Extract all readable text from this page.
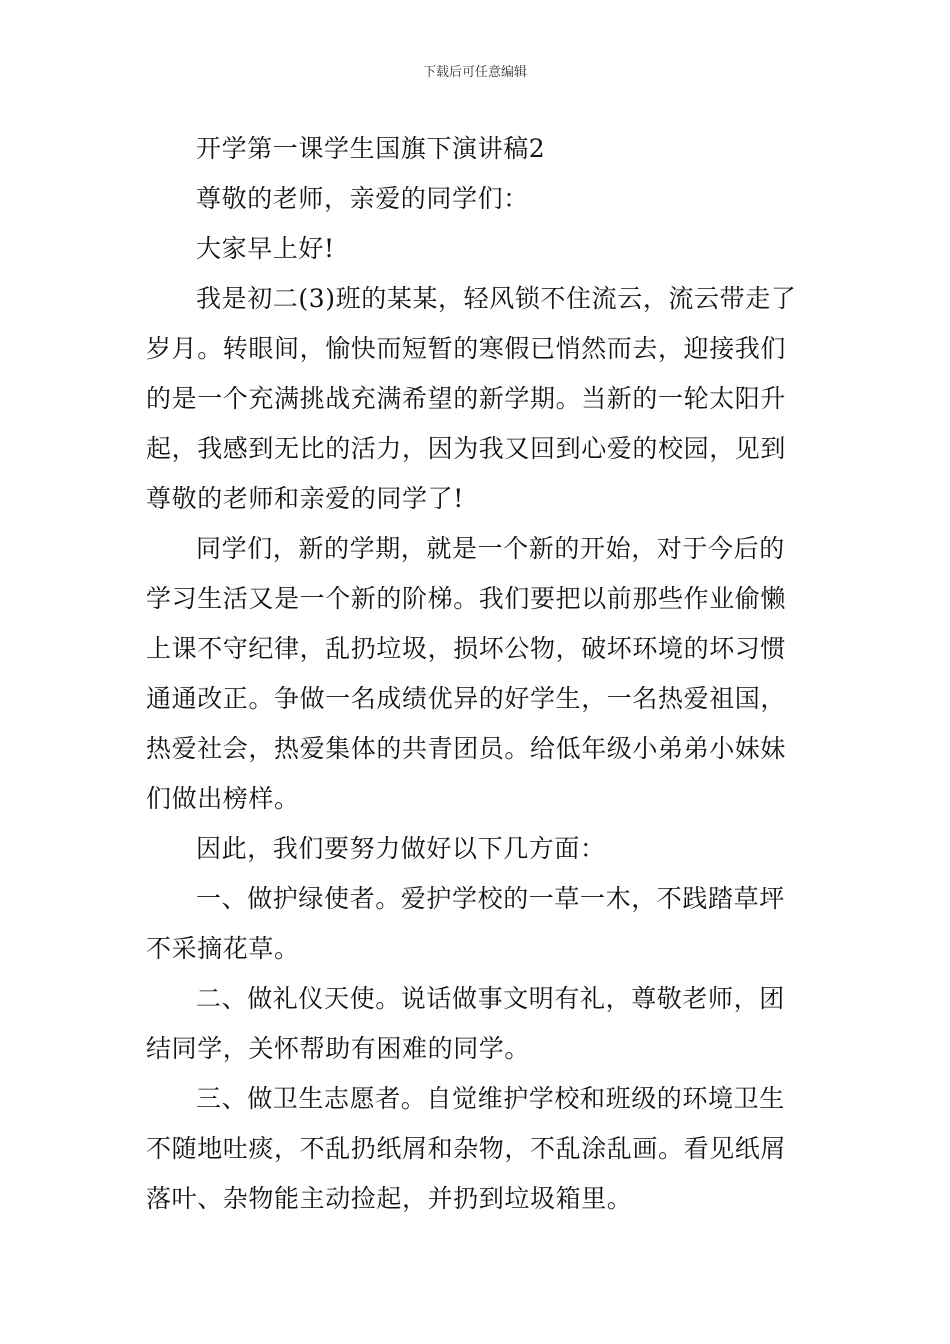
下载后可任意编辑
开学第一课学生国旗下演讲稿2
尊敬的老师，亲爱的同学们：
大家早上好!
我是初二(3)班的某某，轻风锁不住流云，流云带走了
岁月。转眼间，愉快而短暂的寒假已悄然而去，迎接我们
的是一个充满挑战充满希望的新学期。当新的一轮太阳升
起，我感到无比的活力，因为我又回到心爱的校园，见到
尊敬的老师和亲爱的同学了!
同学们，新的学期，就是一个新的开始，对于今后的
学习生活又是一个新的阶梯。我们要把以前那些作业偷懒
上课不守纪律，乱扔垃圾，损坏公物，破坏环境的坏习惯
通通改正。争做一名成绩优异的好学生，一名热爱祖国，
热爱社会，热爱集体的共青团员。给低年级小弟弟小妹妹
们做出榜样。
因此，我们要努力做好以下几方面：
一、做护绿使者。爱护学校的一草一木，不践踏草坪
不采摘花草。
二、做礼仪天使。说话做事文明有礼，尊敬老师，团
结同学，关怀帮助有困难的同学。
三、做卫生志愿者。自觉维护学校和班级的环境卫生
不随地吐痰，不乱扔纸屑和杂物，不乱涂乱画。看见纸屑
落叶、杂物能主动捡起，并扔到垃圾箱里。
